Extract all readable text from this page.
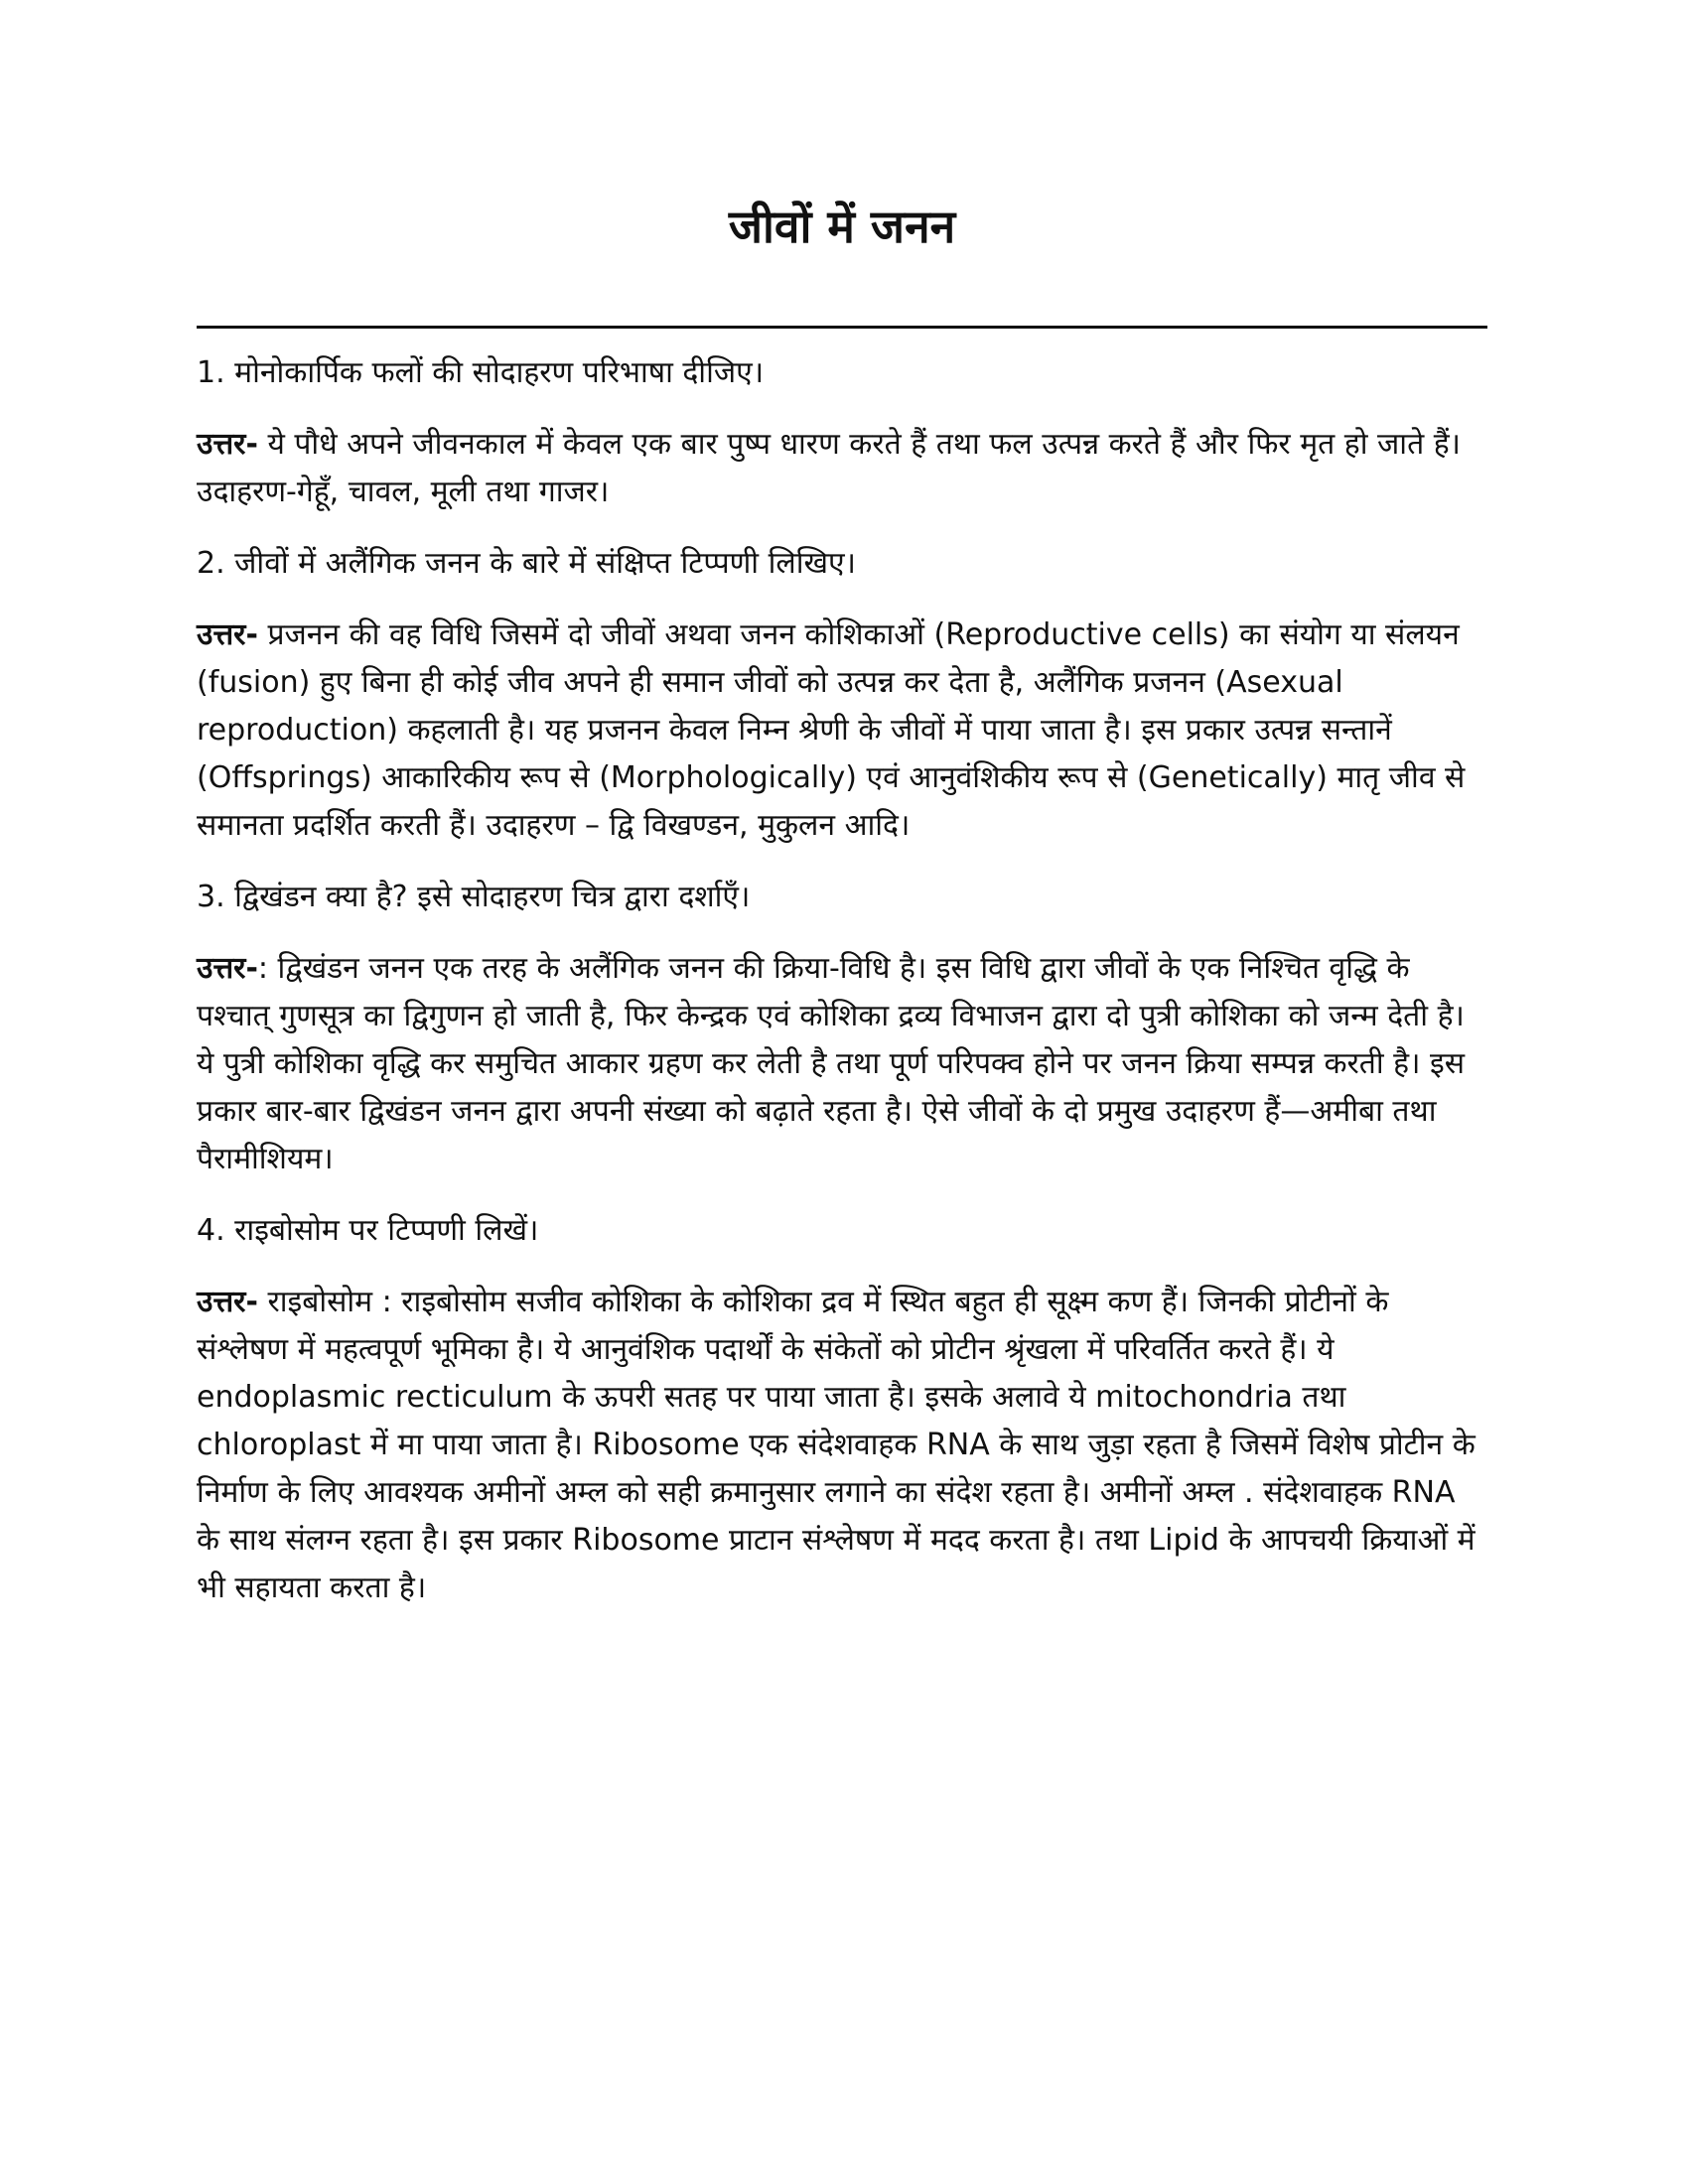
जीवों में जनन

1. मोनोकार्पिक फलों की सोदाहरण परिभाषा दीजिए।

उत्तर- ये पौधे अपने जीवनकाल में केवल एक बार पुष्प धारण करते हैं तथा फल उत्पन्न करते हैं और फिर मृत हो जाते हैं। उदाहरण-गेहूँ, चावल, मूली तथा गाजर।

2. जीवों में अलैंगिक जनन के बारे में संक्षिप्त टिप्पणी लिखिए।

उत्तर- प्रजनन की वह विधि जिसमें दो जीवों अथवा जनन कोशिकाओं (Reproductive cells) का संयोग या संलयन (fusion) हुए बिना ही कोई जीव अपने ही समान जीवों को उत्पन्न कर देता है, अलैंगिक प्रजनन (Asexual reproduction) कहलाती है। यह प्रजनन केवल निम्न श्रेणी के जीवों में पाया जाता है। इस प्रकार उत्पन्न सन्तानें (Offsprings) आकारिकीय रूप से (Morphologically) एवं आनुवंशिकीय रूप से (Genetically) मातृ जीव से समानता प्रदर्शित करती हैं। उदाहरण – द्वि विखण्डन, मुकुलन आदि।

3. द्विखंडन क्या है? इसे सोदाहरण चित्र द्वारा दर्शाएँ।

उत्तर-: द्विखंडन जनन एक तरह के अलैंगिक जनन की क्रिया-विधि है। इस विधि द्वारा जीवों के एक निश्चित वृद्धि के पश्चात् गुणसूत्र का द्विगुणन हो जाती है, फिर केन्द्रक एवं कोशिका द्रव्य विभाजन द्वारा दो पुत्री कोशिका को जन्म देती है। ये पुत्री कोशिका वृद्धि कर समुचित आकार ग्रहण कर लेती है तथा पूर्ण परिपक्व होने पर जनन क्रिया सम्पन्न करती है। इस प्रकार बार-बार द्विखंडन जनन द्वारा अपनी संख्या को बढ़ाते रहता है। ऐसे जीवों के दो प्रमुख उदाहरण हैं—अमीबा तथा पैरामीशियम।

4. राइबोसोम पर टिप्पणी लिखें।

उत्तर- राइबोसोम : राइबोसोम सजीव कोशिका के कोशिका द्रव में स्थित बहुत ही सूक्ष्म कण हैं। जिनकी प्रोटीनों के संश्लेषण में महत्वपूर्ण भूमिका है। ये आनुवंशिक पदार्थों के संकेतों को प्रोटीन श्रृंखला में परिवर्तित करते हैं। ये endoplasmic recticulum के ऊपरी सतह पर पाया जाता है। इसके अलावे ये mitochondria तथा chloroplast में मा पाया जाता है। Ribosome एक संदेशवाहक RNA के साथ जुड़ा रहता है जिसमें विशेष प्रोटीन के निर्माण के लिए आवश्यक अमीनों अम्ल को सही क्रमानुसार लगाने का संदेश रहता है। अमीनों अम्ल . संदेशवाहक RNA के साथ संलग्न रहता है। इस प्रकार Ribosome प्राटान संश्लेषण में मदद करता है। तथा Lipid के आपचयी क्रियाओं में भी सहायता करता है।
